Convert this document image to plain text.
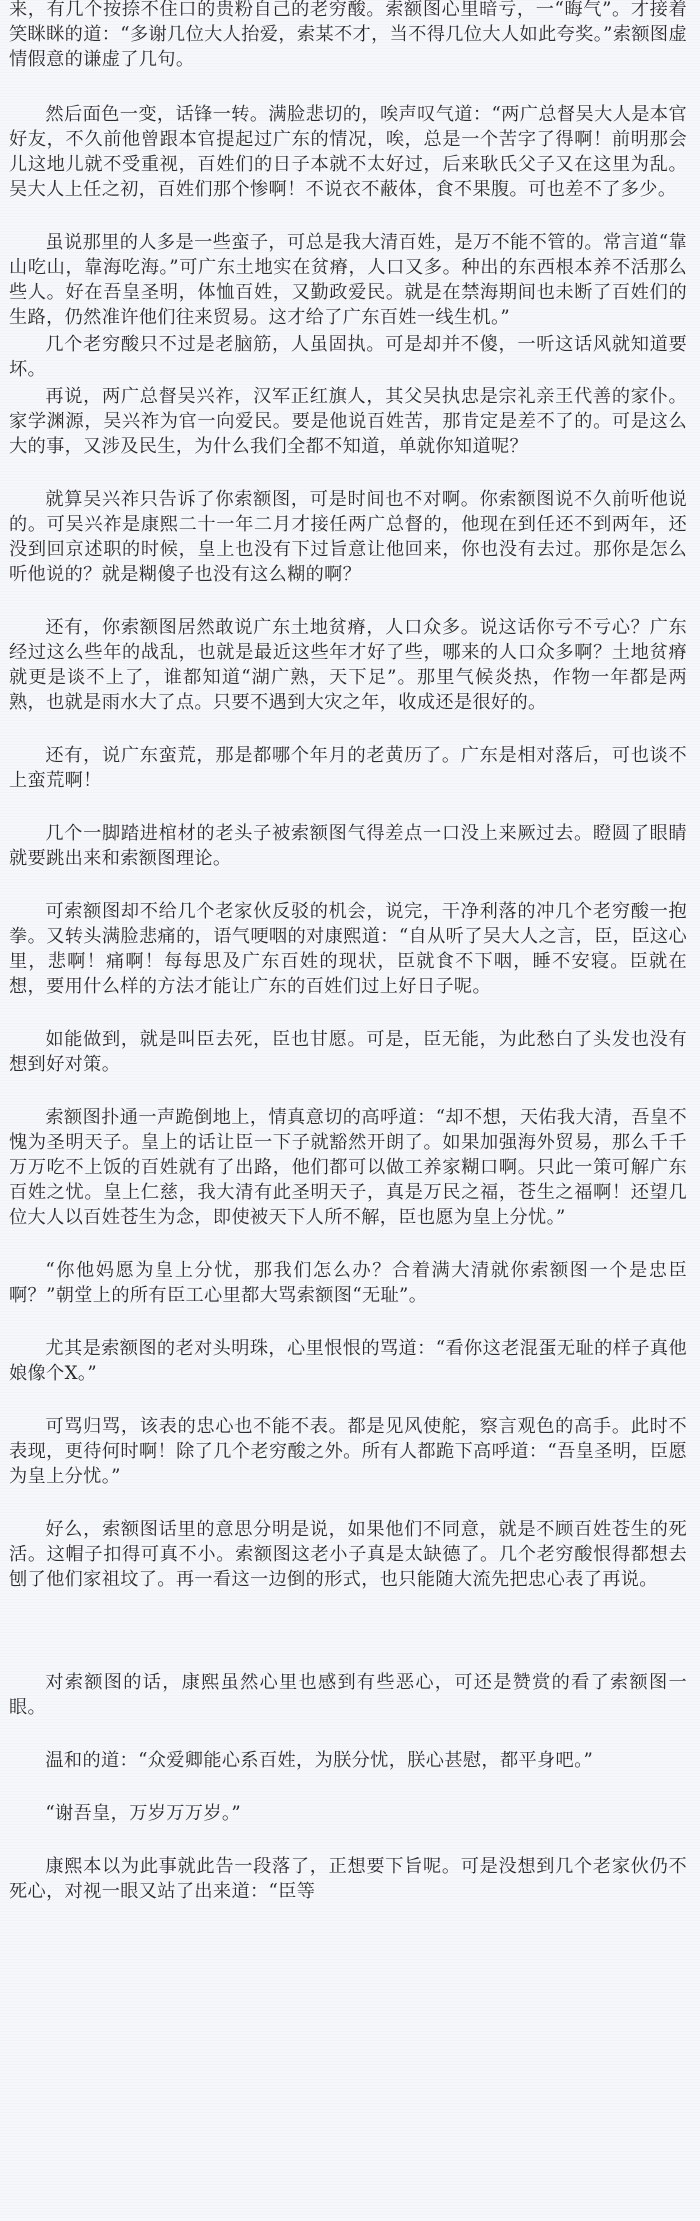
来，有几个按捺不住口的贵粉自己的老穷酸。索额图心里暗亏，一“晦气”。才接着笑眯眯的道：“多谢几位大人抬爱，索某不才，当不得几位大人如此夸奖。”索额图虚情假意的谦虚了几句。

然后面色一变，话锋一转。满脸悲切的，唉声叹气道：“两广总督吴大人是本官好友，不久前他曾跟本官提起过广东的情况，唉，总是一个苦字了得啊！前明那会儿这地儿就不受重视，百姓们的日子本就不太好过，后来耿氏父子又在这里为乱。吴大人上任之初，百姓们那个惨啊！不说衣不蔽体，食不果腹。可也差不了多少。

虽说那里的人多是一些蛮子，可总是我大清百姓，是万不能不管的。常言道“靠山吃山，靠海吃海。”可广东土地实在贫瘠，人口又多。种出的东西根本养不活那么些人。好在吾皇圣明，体恤百姓，又勤政爱民。就是在禁海期间也未断了百姓们的生路，仍然准许他们往来贸易。这才给了广东百姓一线生机。”

几个老穷酸只不过是老脑筋，人虽固执。可是却并不傻，一听这话风就知道要坏。

再说，两广总督吴兴祚，汉军正红旗人，其父吴执忠是宗礼亲王代善的家仆。家学渊源，吴兴祚为官一向爱民。要是他说百姓苦，那肯定是差不了的。可是这么大的事，又涉及民生，为什么我们全都不知道，单就你知道呢？

就算吴兴祚只告诉了你索额图，可是时间也不对啊。你索额图说不久前听他说的。可吴兴祚是康熙二十一年二月才接任两广总督的，他现在到任还不到两年，还没到回京述职的时候，皇上也没有下过旨意让他回来，你也没有去过。那你是怎么听他说的？就是糊傻子也没有这么糊的啊？

还有，你索额图居然敢说广东土地贫瘠，人口众多。说这话你亏不亏心？广东经过这么些年的战乱，也就是最近这些年才好了些，哪来的人口众多啊？土地贫瘠就更是谈不上了，谁都知道“湖广熟，天下足”。那里气候炎热，作物一年都是两熟，也就是雨水大了点。只要不遇到大灾之年，收成还是很好的。

还有，说广东蛮荒，那是都哪个年月的老黄历了。广东是相对落后，可也谈不上蛮荒啊！

几个一脚踏进棺材的老头子被索额图气得差点一口没上来厥过去。瞪圆了眼睛就要跳出来和索额图理论。

可索额图却不给几个老家伙反驳的机会，说完，干净利落的冲几个老穷酸一抱拳。又转头满脸悲痛的，语气哽咽的对康熙道：“自从听了吴大人之言，臣，臣这心里，悲啊！痛啊！每每思及广东百姓的现状，臣就食不下咽，睡不安寝。臣就在想，要用什么样的方法才能让广东的百姓们过上好日子呢。

如能做到，就是叫臣去死，臣也甘愿。可是，臣无能，为此愁白了头发也没有想到好对策。

索额图扑通一声跪倒地上，情真意切的高呼道：“却不想，天佑我大清，吾皇不愧为圣明天子。皇上的话让臣一下子就豁然开朗了。如果加强海外贸易，那么千千万万吃不上饭的百姓就有了出路，他们都可以做工养家糊口啊。只此一策可解广东百姓之忧。皇上仁慈，我大清有此圣明天子，真是万民之福，苍生之福啊！还望几位大人以百姓苍生为念，即使被天下人所不解，臣也愿为皇上分忧。”

“你他妈愿为皇上分忧，那我们怎么办？合着满大清就你索额图一个是忠臣啊？”朝堂上的所有臣工心里都大骂索额图“无耻”。

尤其是索额图的老对头明珠，心里恨恨的骂道：“看你这老混蛋无耻的样子真他娘像个X。”

可骂归骂，该表的忠心也不能不表。都是见风使舵，察言观色的高手。此时不表现，更待何时啊！除了几个老穷酸之外。所有人都跪下高呼道：“吾皇圣明，臣愿为皇上分忧。”

好么，索额图话里的意思分明是说，如果他们不同意，就是不顾百姓苍生的死活。这帽子扣得可真不小。索额图这老小子真是太缺德了。几个老穷酸恨得都想去刨了他们家祖坟了。再一看这一边倒的形式，也只能随大流先把忠心表了再说。

对索额图的话，康熙虽然心里也感到有些恶心，可还是赞赏的看了索额图一眼。

温和的道：“众爱卿能心系百姓，为朕分忧，朕心甚慰，都平身吧。”

“谢吾皇，万岁万万岁。”

康熙本以为此事就此告一段落了，正想要下旨呢。可是没想到几个老家伙仍不死心，对视一眼又站了出来道：“臣等
